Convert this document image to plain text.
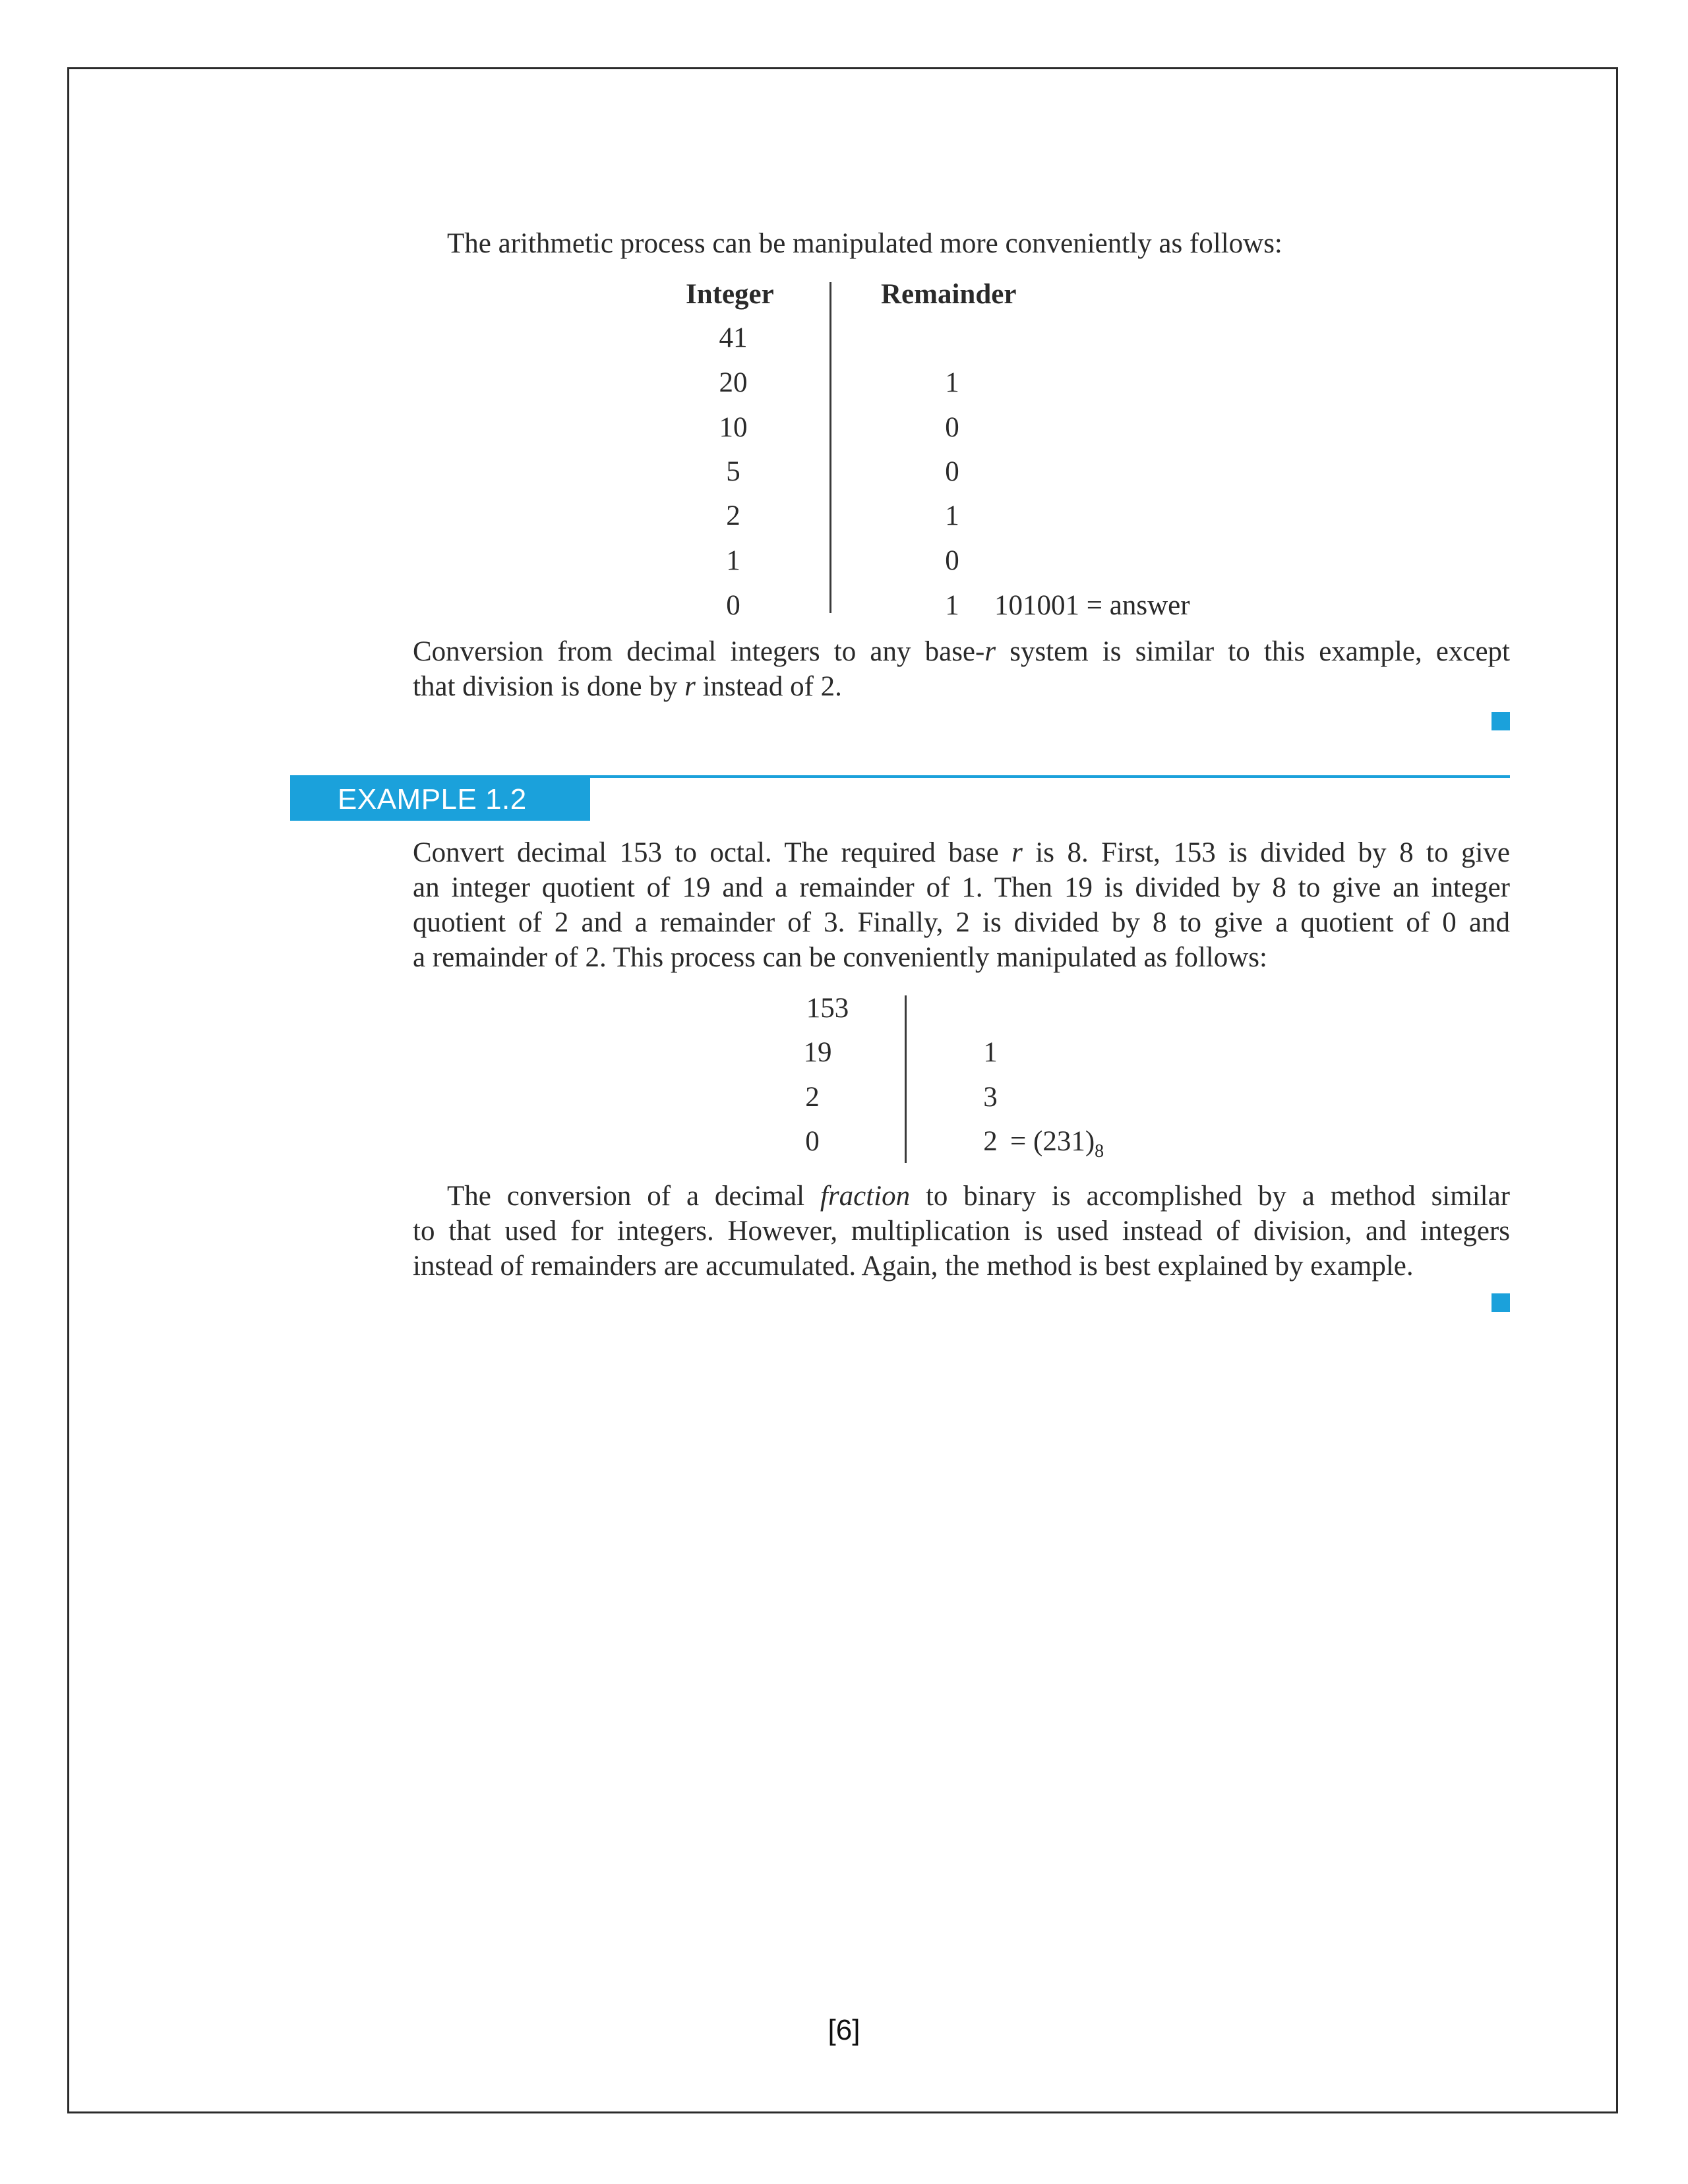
The arithmetic process can be manipulated more conveniently as follows:

Integer	Remainder
41
20	1
10	0
5	0
2	1
1	0
0	1	101001 = answer

Conversion from decimal integers to any base-r system is similar to this example, except
that division is done by r instead of 2.

EXAMPLE 1.2

Convert decimal 153 to octal. The required base r is 8. First, 153 is divided by 8 to give
an integer quotient of 19 and a remainder of 1. Then 19 is divided by 8 to give an integer
quotient of 2 and a remainder of 3. Finally, 2 is divided by 8 to give a quotient of 0 and
a remainder of 2. This process can be conveniently manipulated as follows:

153
19	1
2	3
0	$2 = (231)_8$

The conversion of a decimal fraction to binary is accomplished by a method similar
to that used for integers. However, multiplication is used instead of division, and integers
instead of remainders are accumulated. Again, the method is best explained by example.

[6]
